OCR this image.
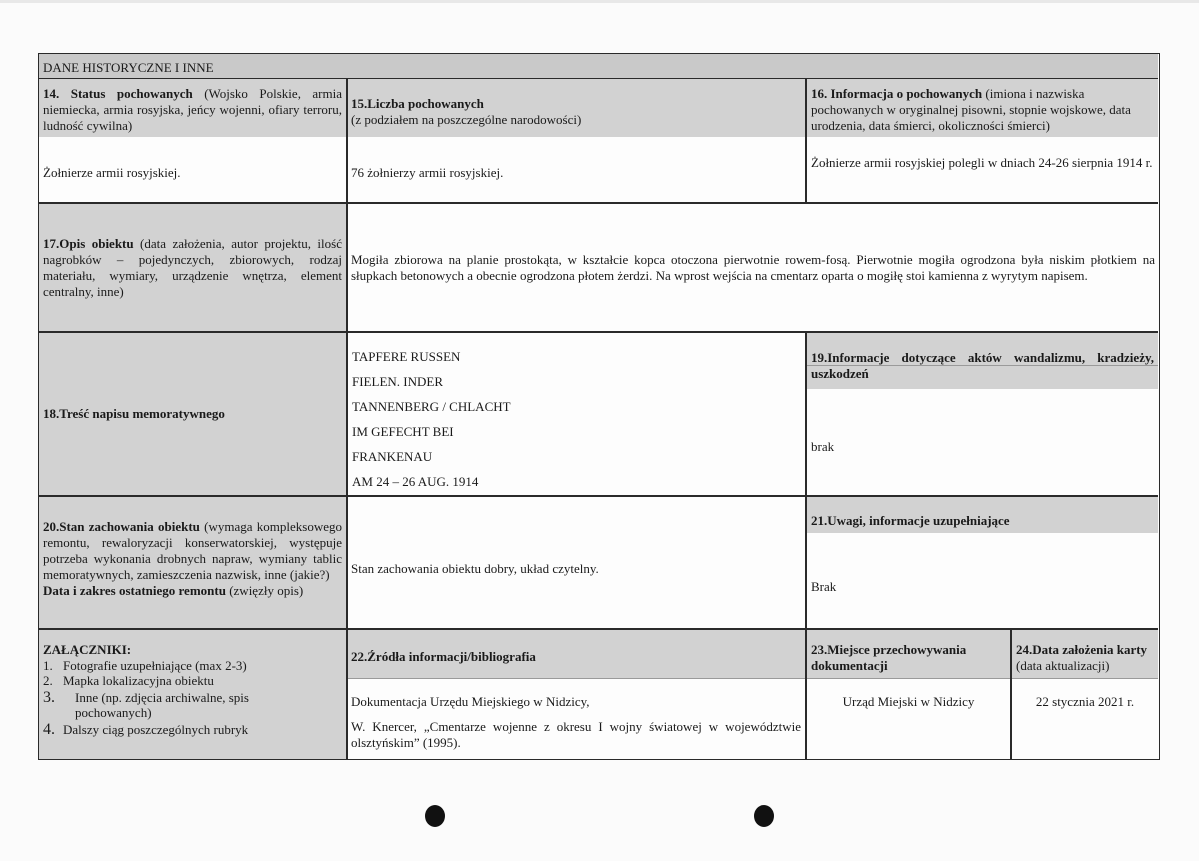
DANE HISTORYCZNE I INNE
14. Status pochowanych (Wojsko Polskie, armia niemiecka, armia rosyjska, jeńcy wojenni, ofiary terroru, ludność cywilna)
15.Liczba pochowanych
(z podziałem na poszczególne narodowości)
16. Informacja o pochowanych (imiona i nazwiska pochowanych w oryginalnej pisowni, stopnie wojskowe, data urodzenia, data śmierci, okoliczności śmierci)
Żołnierze armii rosyjskiej.	76 żołnierzy armii rosyjskiej.
Żołnierze armii rosyjskiej polegli w dniach 24-26 sierpnia 1914 r.
17.Opis obiektu (data założenia, autor projektu, ilość nagrobków – pojedynczych, zbiorowych, rodzaj materiału, wymiary, urządzenie wnętrza, element centralny, inne)
Mogiła zbiorowa na planie prostokąta, w kształcie kopca otoczona pierwotnie rowem-fosą. Pierwotnie mogiła ogrodzona była niskim płotkiem na słupkach betonowych a obecnie ogrodzona płotem żerdzi. Na wprost wejścia na cmentarz oparta o mogiłę stoi kamienna z wyrytym napisem.
18.Treść napisu memoratywnego

TAPFERE RUSSEN

FIELEN. INDER

TANNENBERG / CHLACHT

IM GEFECHT BEI

FRANKENAU

AM 24 – 26 AUG. 1914

19.Informacje dotyczące aktów wandalizmu, kradzieży, uszkodzeń
brak
20.Stan zachowania obiektu (wymaga kompleksowego remontu, rewaloryzacji konserwatorskiej, występuje potrzeba wykonania drobnych napraw, wymiany tablic memoratywnych, zamieszczenia nazwisk, inne (jakie?)
Data i zakres ostatniego remontu (zwięzły opis)
Stan zachowania obiektu dobry, układ czytelny.
21.Uwagi, informacje uzupełniające
Brak
ZAŁĄCZNIKI:
1. Fotografie uzupełniające (max 2-3)
2. Mapka lokalizacyjna obiektu
3.	Inne (np. zdjęcia archiwalne, spis pochowanych)
4. Dalszy ciąg poszczególnych rubryk
22.Źródła informacji/bibliografia
Dokumentacja Urzędu Miejskiego w Nidzicy,
W. Knercer, „Cmentarze wojenne z okresu I wojny światowej w województwie olsztyńskim” (1995).
23.Miejsce przechowywania dokumentacji
Urząd Miejski w Nidzicy
24.Data założenia karty (data aktualizacji)
22 stycznia 2021 r.
